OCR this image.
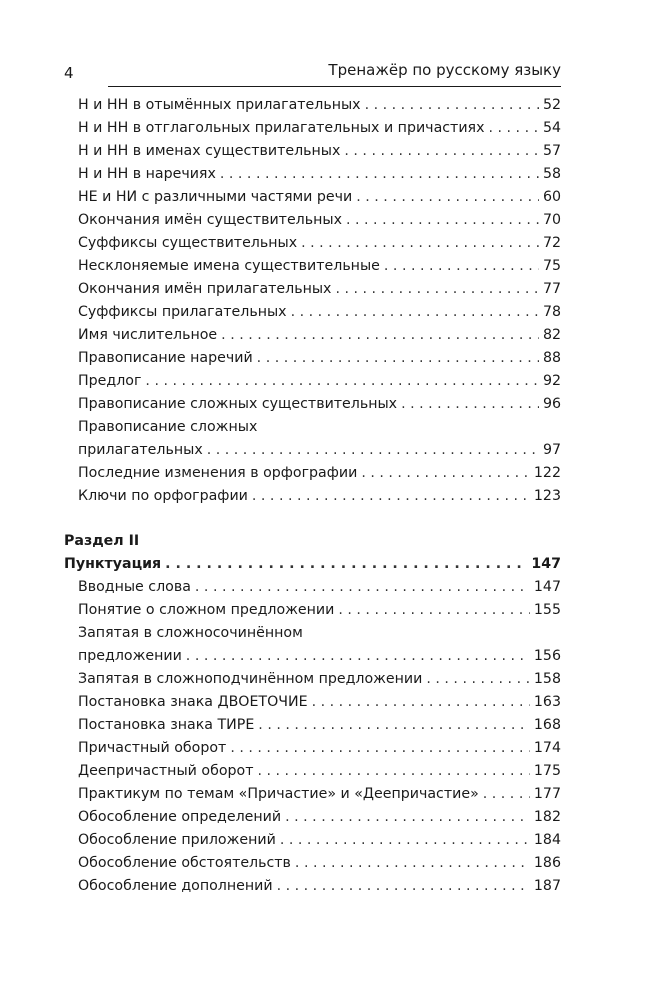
4	Тренажёр по русскому языку
Н и НН в отымённых прилагательных . . .	52
Н и НН в отглагольных прилагательных и причастиях . . .	54
Н и НН в именах существительных . . .	57
Н и НН в наречиях . . .	58
НЕ и НИ с различными частями речи . . .	60
Окончания имён существительных . . .	70
Суффиксы существительных . . .	72
Несклоняемые имена существительные . . .	75
Окончания имён прилагательных . . .	77
Суффиксы прилагательных . . .	78
Имя числительное . . .	82
Правописание наречий . . .	88
Предлог . . .	92
Правописание сложных существительных . . .	96
Правописание сложных
прилагательных . . .	97
Последние изменения в орфографии . . .	122
Ключи по орфографии . . .	123
Раздел II
Пунктуация . . .	147
Вводные слова . . .	147
Понятие о сложном предложении . . .	155
Запятая в сложносочинённом
предложении . . .	156
Запятая в сложноподчинённом предложении . . .	158
Постановка знака ДВОЕТОЧИЕ . . .	163
Постановка знака ТИРЕ . . .	168
Причастный оборот . . .	174
Деепричастный оборот . . .	175
Практикум по темам «Причастие» и «Деепричастие» . . .	177
Обособление определений . . .	182
Обособление приложений . . .	184
Обособление обстоятельств . . .	186
Обособление дополнений . . .	187
